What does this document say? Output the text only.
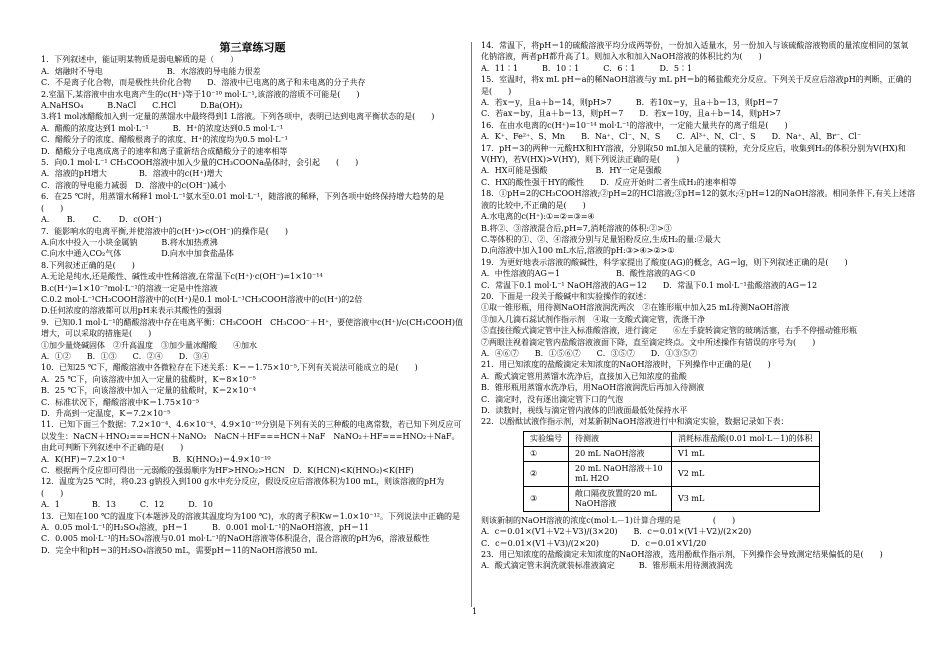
第三章练习题
1．下列叙述中，能证明某物质是弱电解质的是（　　）
A．熔融时不导电　　　　　　　　B．水溶液的导电能力很差
C．不是离子化合物，而是极性共价化合物　　D．溶液中已电离的离子和未电离的分子共存
2.室温下,某溶液中由水电离产生的c(H⁺)等于10⁻¹⁰ mol·L⁻¹,该溶液的溶质不可能是(　　)
A.NaHSO₄　　　B.NaCl　　C.HCl　　　D.Ba(OH)₂
3.将1 mol冰醋酸加入到一定量的蒸馏水中最终得到1 L溶液。下列各项中，表明已达到电离平衡状态的是(　　)
A．醋酸的浓度达到1 mol·L⁻¹　　　B．H⁺的浓度达到0.5 mol·L⁻¹
C．醋酸分子的浓度、醋酸根离子的浓度、H⁺的浓度均为0.5 mol·L⁻¹
D．醋酸分子电离成离子的速率和离子重新结合成醋酸分子的速率相等
5．向0.1 mol·L⁻¹ CH₃COOH溶液中加入少量的CH₃COONa晶体时，会引起　　(　　)
A．溶液的pH增大　　　　B．溶液中的c(H⁺)增大
C．溶液的导电能力减弱　D．溶液中的c(OH⁻)减小
6．在25 ℃时，用蒸馏水稀释1 mol·L⁻¹氨水至0.01 mol·L⁻¹，随溶液的稀释，下列各项中始终保持增大趋势的是(　　)
A．　　B．　　C．　　D．c(OH⁻)
7．能影响水的电离平衡,并使溶液中的c(H⁺)>c(OH⁻)的操作是(　　)
A.向水中投入一小块金属钠　　　B.将水加热煮沸
C.向水中通入CO₂气体　　　　　D.向水中加食盐晶体
8.下列叙述正确的是(　　)
A.无论是纯水,还是酸性、碱性或中性稀溶液,在常温下c(H⁺)·c(OH⁻)=1×10⁻¹⁴
B.c(H⁺)=1×10⁻⁷mol·L⁻¹的溶液一定是中性溶液
C.0.2 mol·L⁻¹CH₃COOH溶液中的c(H⁺)是0.1 mol·L⁻¹CH₃COOH溶液中的c(H⁺)的2倍
D.任何浓度的溶液都可以用pH来表示其酸性的强弱
9．已知0.1 mol·L⁻¹的醋酸溶液中存在电离平衡：CH₃COOH　CH₃COO⁻＋H⁺，要使溶液中c(H⁺)/c(CH₃COOH)值增大，可以采取的措施是(　　)
①加少量烧碱固体　②升高温度　③加少量冰醋酸　　④加水
A．①②　　B．①③　　C．②④　　D．③④
10．已知25 ℃下，醋酸溶液中各微粒存在下述关系：K＝＝1.75×10⁻⁵,下列有关说法可能成立的是(　　)
A．25 ℃下，向该溶液中加入一定量的盐酸时，K＝8×10⁻⁵
B．25 ℃下，向该溶液中加入一定量的盐酸时，K＝2×10⁻⁴
C．标准状况下，醋酸溶液中K＝1.75×10⁻⁵
D．升高到一定温度，K＝7.2×10⁻⁵
11．已知下面三个数据：7.2×10⁻⁴、4.6×10⁻⁴、4.9×10⁻¹⁰分别是下列有关的三种酸的电离常数，若已知下列反应可以发生：NaCN＋HNO₂===HCN＋NaNO₂　NaCN＋HF===HCN＋NaF　NaNO₂＋HF===HNO₂＋NaF。由此可判断下列叙述中不正确的是(　　)
A．K(HF)＝7.2×10⁻⁴　　　　　　B．K(HNO₂)＝4.9×10⁻¹⁰
C．根据两个反应即可得出一元弱酸的强弱顺序为HF>HNO₂>HCN　D．K(HCN)<K(HNO₂)<K(HF)
12．温度为25 ℃时，将0.23 g钠投入到100 g水中充分反应，假设反应后溶液体积为100 mL，则该溶液的pH为(　　)
A．1　　　　B．13　　　C．12　　　D．10
13．已知在100 ℃的温度下(本题涉及的溶液其温度均为100 ℃)，水的离子积Kw＝1.0×10⁻¹²。下列说法中正确的是
A．0.05 mol·L⁻¹的H₂SO₄溶液，pH＝1　　　B．0.001 mol·L⁻¹的NaOH溶液，pH＝11
C．0.005 mol·L⁻¹的H₂SO₄溶液与0.01 mol·L⁻¹的NaOH溶液等体积混合，混合溶液的pH为6，溶液显酸性
D．完全中和pH＝3的H₂SO₄溶液50 mL，需要pH＝11的NaOH溶液50 mL
14．常温下，将pH＝1的硫酸溶液平均分成两等份，一份加入适量水，另一份加入与该硫酸溶液物质的量浓度相同的氢氧化钠溶液，两者pH都升高了1。则加入水和加入NaOH溶液的体积比约为(　　)
A．11∶1　　　B．10∶1　　　C．6∶1　　　D．5∶1
15．室温时，将x mL pH＝a的稀NaOH溶液与y mL pH＝b的稀盐酸充分反应。下列关于反应后溶液pH的判断，正确的是(　　)
A．若x＝y，且a＋b＝14，则pH>7　　　B．若10x＝y，且a＋b＝13，则pH＝7
C．若ax＝by，且a＋b＝13，则pH＝7　　D．若x＝10y，且a＋b＝14，则pH>7
16．在由水电离的c(H⁺)=10⁻¹⁴ mol·L⁻¹的溶液中，一定能大量共存的离子组是(　　)
A．K⁺、Fe²⁺、S、Mn　　B．Na⁺、Cl⁻、N、S　　C．Al³⁺、N、Cl⁻、S　　D．Na⁺、Al、Br⁻、Cl⁻
17．pH＝3的两种一元酸HX和HY溶液，分别取50 mL加入足量的镁粉，充分反应后，收集到H₂的体积分别为V(HX)和V(HY)，若V(HX)>V(HY)，则下列说法正确的是(　　)
A．HX可能是强酸　　　　　　B．HY一定是强酸
C．HX的酸性强于HY的酸性　　D．反应开始时二者生成H₂的速率相等
18．①pH=2的CH₃COOH溶液;②pH=2的HCl溶液;③pH=12的氨水;④pH=12的NaOH溶液。相同条件下,有关上述溶液的比较中,不正确的是(　　)
A.水电离的c(H⁺):①=②=③=④
B.将②、③溶液混合后,pH=7,消耗溶液的体积:②>③
C.等体积的①、②、④溶液分别与足量铝粉反应,生成H₂的量:②最大
D.向溶液中加入100 mL水后,溶液的pH:③>④>②>①
19．为更好地表示溶液的酸碱性，科学家提出了酸度(AG)的概念，AG＝lg，则下列叙述正确的是(　　)
A．中性溶液的AG＝1　　　　　　　B．酸性溶液的AG＜0
C．常温下0.1 mol·L⁻¹ NaOH溶液的AG＝12　　D．常温下0.1 mol·L⁻¹盐酸溶液的AG＝12
20．下面是一段关于酸碱中和实验操作的叙述：
①取一锥形瓶，用待测NaOH溶液润洗两次　②在锥形瓶中加入25 mL待测NaOH溶液
③加入几滴石蕊试剂作指示剂　④取一支酸式滴定管，洗涤干净
⑤直接往酸式滴定管中注入标准酸溶液，进行滴定　　⑥左手旋转滴定管的玻璃活塞，右手不停摇动锥形瓶
⑦两眼注视着滴定管内盐酸溶液液面下降，直至滴定终点。文中所述操作有错误的序号为(　　)
A．④⑥⑦　　B．①⑤⑥⑦　　C．③⑤⑦　　D．①③⑤⑦
21．用已知浓度的盐酸滴定未知浓度的NaOH溶液时，下列操作中正确的是(　　)
A．酸式滴定管用蒸馏水洗净后，直接加入已知浓度的盐酸
B．锥形瓶用蒸馏水洗净后，用NaOH溶液润洗后再加入待测液
C．滴定时，没有逐出滴定管下口的气泡
D．读数时，视线与滴定管内液体的凹液面最低处保持水平
22．以酚酞试液作指示剂，对某新制NaOH溶液进行中和滴定实验，数据记录如下表：
实验编号	待测液	消耗标准盐酸(0.01 mol·L－1)的体积
①	20 mL NaOH溶液	V1 mL
②	20 mL NaOH溶液＋10 mL H2O	V2 mL
③	敞口隔夜放置的20 mL NaOH溶液	V3 mL
则该新制的NaOH溶液的浓度c(mol·L－1)计算合理的是　　　　(　　)
A．c＝0.01×(V1＋V2＋V3)/(3×20)　　B．c＝0.01×(V1＋V2)/(2×20)
C．c＝0.01×(V1＋V3)/(2×20)　　　　D．c＝0.01×V1/20
23．用已知浓度的盐酸滴定未知浓度的NaOH溶液，选用酚酞作指示剂，下列操作会导致测定结果偏低的是(　　)
A．酸式滴定管未润洗就装标准液滴定　　　B．锥形瓶未用待测液润洗
1
